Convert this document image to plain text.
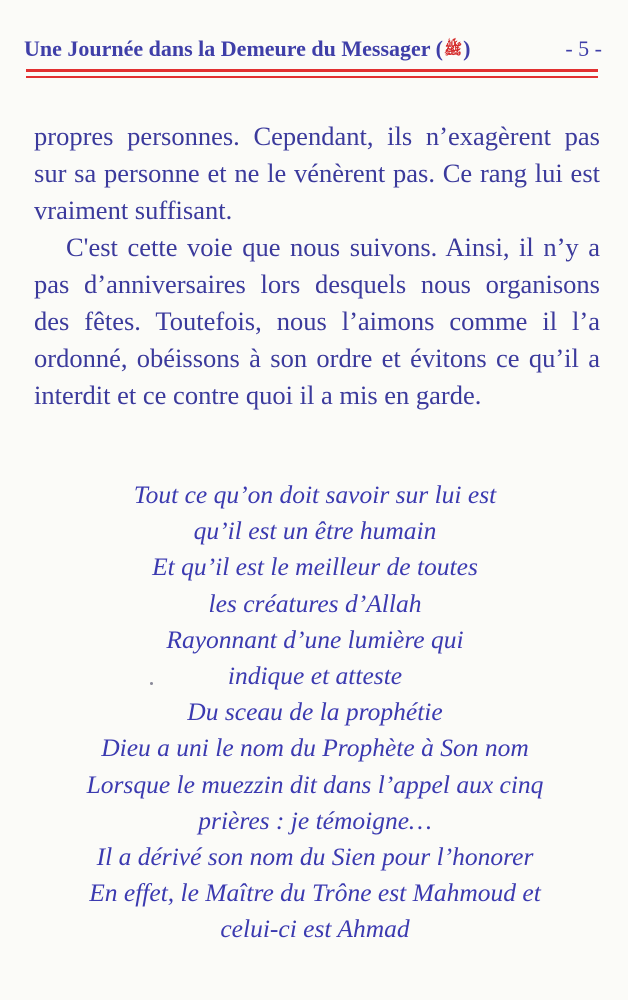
Une Journée dans la Demeure du Messager (ﷺ)	- 5 -

propres personnes. Cependant, ils n’exagèrent pas sur sa personne et ne le vénèrent pas. Ce rang lui est vraiment suffisant.

C'est cette voie que nous suivons. Ainsi, il n’y a pas d’anniversaires lors desquels nous organisons des fêtes. Toutefois, nous l’aimons comme il l’a ordonné, obéissons à son ordre et évitons ce qu’il a interdit et ce contre quoi il a mis en garde.

Tout ce qu’on doit savoir sur lui est
qu’il est un être humain
Et qu’il est le meilleur de toutes
les créatures d’Allah
Rayonnant d’une lumière qui
indique et atteste
Du sceau de la prophétie
Dieu a uni le nom du Prophète à Son nom
Lorsque le muezzin dit dans l’appel aux cinq
prières : je témoigne…
Il a dérivé son nom du Sien pour l’honorer
En effet, le Maître du Trône est Mahmoud et
celui-ci est Ahmad
